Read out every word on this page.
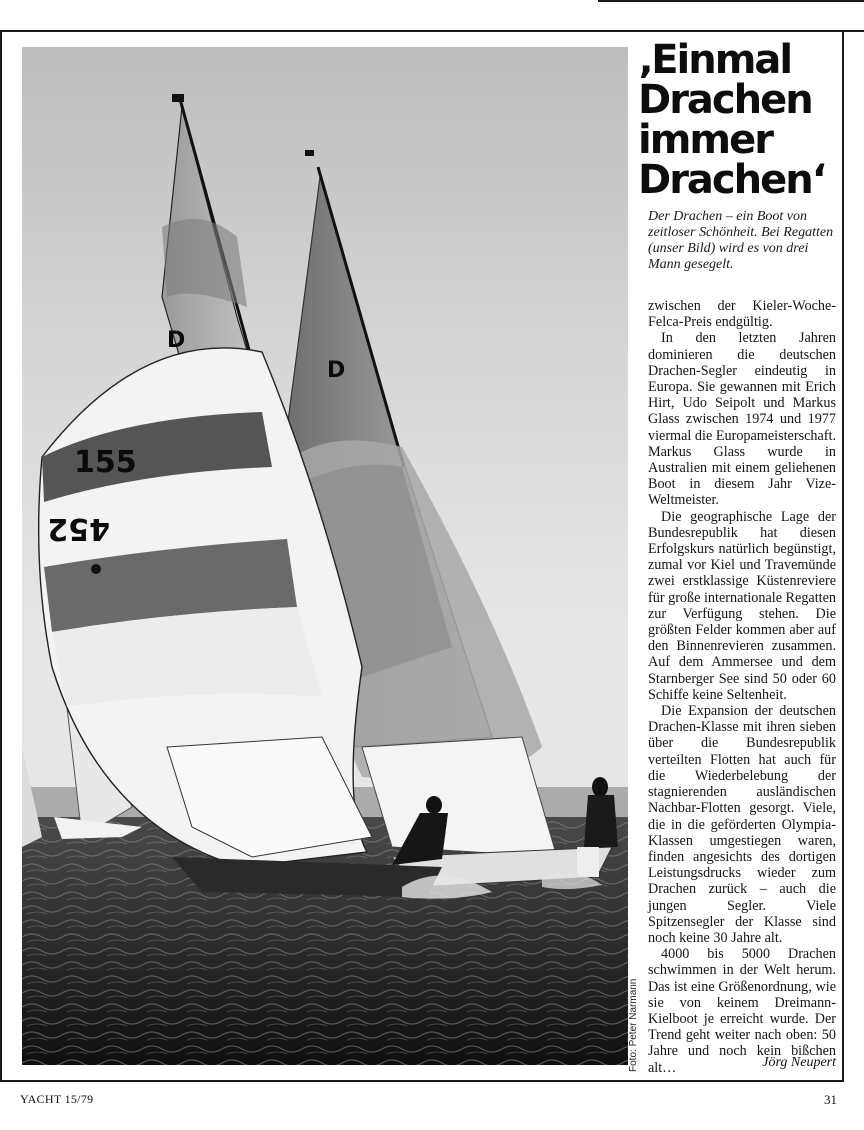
155
452
D
D
Foto: Peter Narmann
‚Einmal
Drachen
immer
Drachen‘
Der Drachen – ein Boot von zeitloser Schönheit. Bei Regatten (unser Bild) wird es von drei Mann gesegelt.

zwischen der Kieler-Woche-Felca-Preis endgültig.

In den letzten Jahren dominieren die deutschen Drachen-Segler eindeutig in Europa. Sie gewannen mit Erich Hirt, Udo Seipolt und Markus Glass zwischen 1974 und 1977 viermal die Europameisterschaft. Markus Glass wurde in Australien mit einem geliehenen Boot in diesem Jahr Vize-Weltmeister.

Die geographische Lage der Bundesrepublik hat diesen Erfolgskurs natürlich begünstigt, zumal vor Kiel und Travemünde zwei erstklassige Küstenreviere für große internationale Regatten zur Verfügung stehen. Die größten Felder kommen aber auf den Binnenrevieren zusammen. Auf dem Ammersee und dem Starnberger See sind 50 oder 60 Schiffe keine Seltenheit.

Die Expansion der deutschen Drachen-Klasse mit ihren sieben über die Bundesrepublik verteilten Flotten hat auch für die Wiederbelebung der stagnierenden ausländischen Nachbar-Flotten gesorgt. Viele, die in die geförderten Olympia-Klassen umgestiegen waren, finden angesichts des dortigen Leistungsdrucks wieder zum Drachen zurück – auch die jungen Segler. Viele Spitzensegler der Klasse sind noch keine 30 Jahre alt.

4000 bis 5000 Drachen schwimmen in der Welt herum. Das ist eine Größenordnung, wie sie von keinem Dreimann-Kielboot je erreicht wurde. Der Trend geht weiter nach oben: 50 Jahre und noch kein bißchen alt…	Jörg Neupert
YACHT 15/79	31
